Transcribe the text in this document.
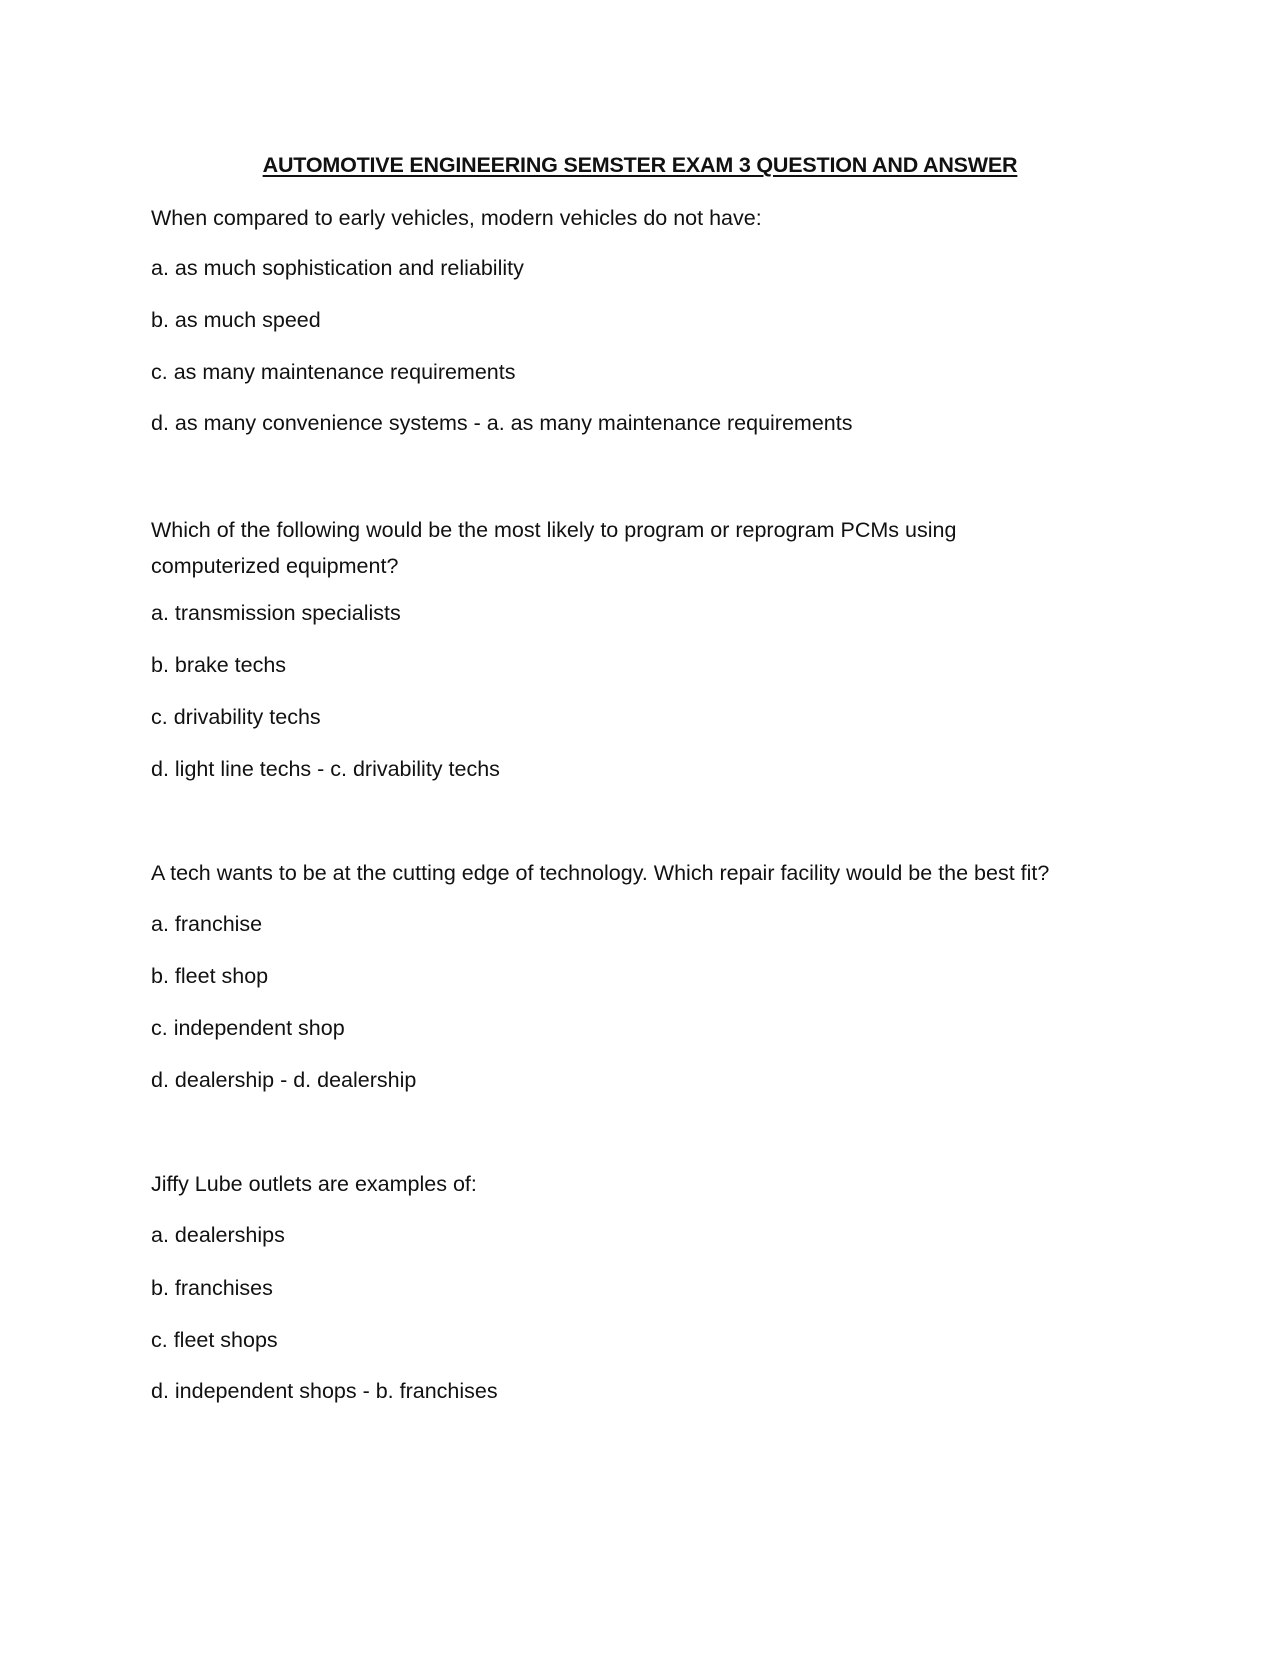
AUTOMOTIVE ENGINEERING SEMSTER EXAM 3 QUESTION AND ANSWER

When compared to early vehicles, modern vehicles do not have:

a. as much sophistication and reliability

b. as much speed

c. as many maintenance requirements

d. as many convenience systems - a. as many maintenance requirements

Which of the following would be the most likely to program or reprogram PCMs using computerized equipment?

a. transmission specialists

b. brake techs

c. drivability techs

d. light line techs - c. drivability techs

A tech wants to be at the cutting edge of technology. Which repair facility would be the best fit?

a. franchise

b. fleet shop

c. independent shop

d. dealership - d. dealership

Jiffy Lube outlets are examples of:

a. dealerships

b. franchises

c. fleet shops

d. independent shops - b. franchises
